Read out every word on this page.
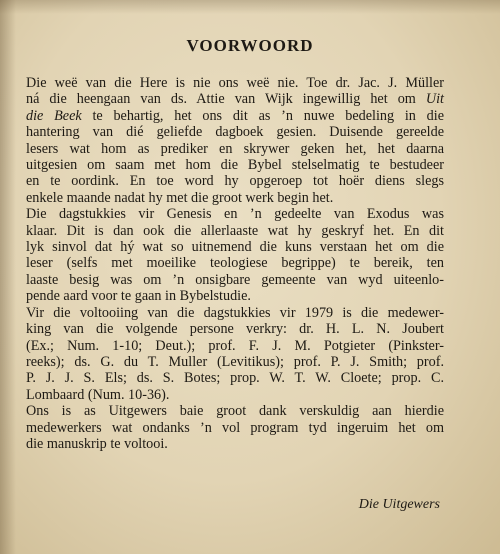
VOORWOORD
Die weë van die Here is nie ons weë nie. Toe dr. Jac. J. Müller
ná die heengaan van ds. Attie van Wijk ingewillig het om Uit
die Beek te behartig, het ons dit as ’n nuwe bedeling in die
hantering van dié geliefde dagboek gesien. Duisende gereelde
lesers wat hom as prediker en skrywer geken het, het daarna
uitgesien om saam met hom die Bybel stelselmatig te bestudeer
en te oordink. En toe word hy opgeroep tot hoër diens slegs
enkele maande nadat hy met die groot werk begin het.
Die dagstukkies vir Genesis en ’n gedeelte van Exodus was
klaar. Dit is dan ook die allerlaaste wat hy geskryf het. En dit
lyk sinvol dat hý wat so uitnemend die kuns verstaan het om die
leser (selfs met moeilike teologiese begrippe) te bereik, ten
laaste besig was om ’n onsigbare gemeente van wyd uiteenlo-
pende aard voor te gaan in Bybelstudie.
Vir die voltooiing van die dagstukkies vir 1979 is die medewer-
king van die volgende persone verkry: dr. H. L. N. Joubert
(Ex.; Num. 1-10; Deut.); prof. F. J. M. Potgieter (Pinkster-
reeks); ds. G. du T. Muller (Levitikus); prof. P. J. Smith; prof.
P. J. J. S. Els; ds. S. Botes; prop. W. T. W. Cloete; prop. C.
Lombaard (Num. 10-36).
Ons is as Uitgewers baie groot dank verskuldig aan hierdie
medewerkers wat ondanks ’n vol program tyd ingeruim het om
die manuskrip te voltooi.
Die Uitgewers
